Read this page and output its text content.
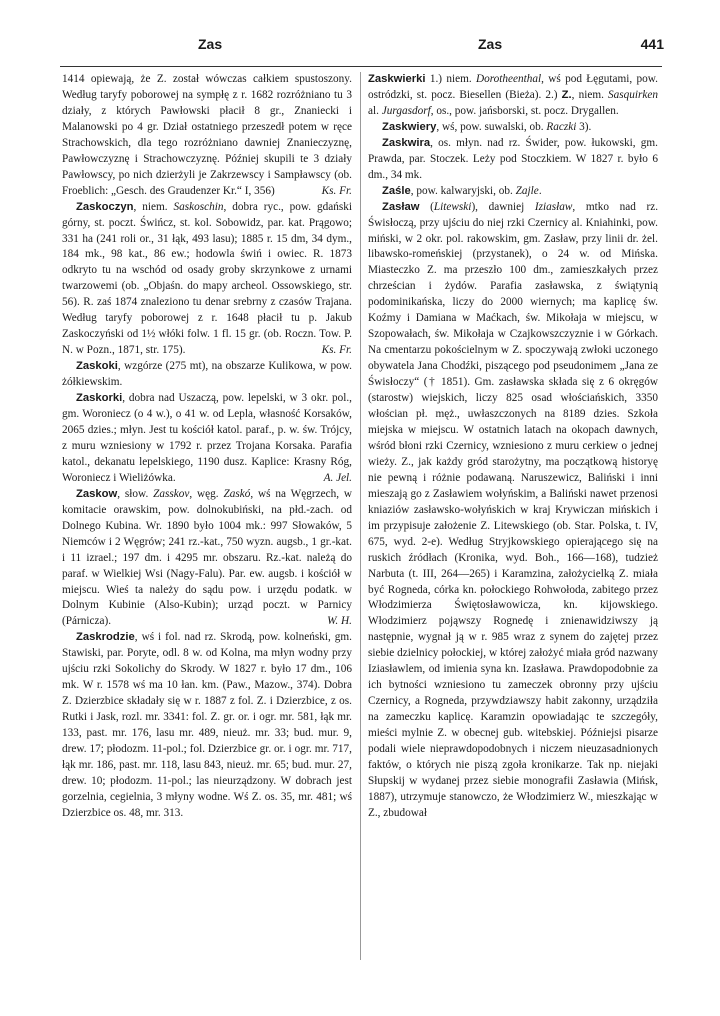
Zas	Zas	441

1414 opiewają, że Z. został wówczas całkiem spustoszony. Według taryfy poborowej na sympłę z r. 1682 rozróżniano tu 3 działy, z których Pawłowski płacił 8 gr., Znaniecki i Malanowski po 4 gr. Dział ostatniego przeszedł potem w ręce Strachowskich, dla tego rozróżniano dawniej Znanieczyznę, Pawłowczyznę i Strachowczyznę. Później skupili te 3 działy Pawłowscy, po nich dzierżyli je Zakrzewscy i Sampławscy (ob. Froeblich: „Gesch. des Graudenzer Kr.“ I, 356)	Ks. Fr.

Zaskoczyn, niem. Saskoschin, dobra ryc., pow. gdański górny, st. poczt. Świńcz, st. kol. Sobowidz, par. kat. Prągowo; 331 ha (241 roli or., 31 łąk, 493 lasu); 1885 r. 15 dm, 34 dym., 184 mk., 98 kat., 86 ew.; hodowla świń i owiec. R. 1873 odkryto tu na wschód od osady groby skrzynkowe z urnami twarzowemi (ob. „Objaśn. do mapy archeol. Ossowskiego, str. 56). R. zaś 1874 znaleziono tu denar srebrny z czasów Trajana. Według taryfy poborowej z r. 1648 płacił tu p. Jakub Zaskoczyński od 1½ włóki folw. 1 fl. 15 gr. (ob. Roczn. Tow. P. N. w Pozn., 1871, str. 175).	Ks. Fr.

Zaskoki, wzgórze (275 mt), na obszarze Kulikowa, w pow. żółkiewskim.

Zaskorki, dobra nad Uszaczą, pow. lepelski, w 3 okr. pol., gm. Woroniecz (o 4 w.), o 41 w. od Lepla, własność Korsaków, 2065 dzies.; młyn. Jest tu kościół katol. paraf., p. w. św. Trójcy, z muru wzniesiony w 1792 r. przez Trojana Korsaka. Parafia katol., dekanatu lepelskiego, 1190 dusz. Kaplice: Krasny Róg, Woroniecz i Wieliżówka.	A. Jel.

Zaskow, słow. Zasskov, węg. Zaskó, wś na Węgrzech, w komitacie orawskim, pow. dolnokubiński, na płd.-zach. od Dolnego Kubina. Wr. 1890 było 1004 mk.: 997 Słowaków, 5 Niemców i 2 Węgrów; 241 rz.-kat., 750 wyzn. augsb., 1 gr.-kat. i 11 izrael.; 197 dm. i 4295 mr. obszaru. Rz.-kat. należą do paraf. w Wielkiej Wsi (Nagy-Falu). Par. ew. augsb. i kościół w miejscu. Wieś ta należy do sądu pow. i urzędu podatk. w Dolnym Kubinie (Also-Kubin); urząd poczt. w Parnicy (Párnicza).	W. H.

Zaskrodzie, wś i fol. nad rz. Skrodą, pow. kolneński, gm. Stawiski, par. Poryte, odl. 8 w. od Kolna, ma młyn wodny przy ujściu rzki Sokolichy do Skrody. W 1827 r. było 17 dm., 106 mk. W r. 1578 wś ma 10 łan. km. (Paw., Mazow., 374). Dobra Z. Dzierzbice składały się w r. 1887 z fol. Z. i Dzierzbice, z os. Rutki i Jask, rozl. mr. 3341: fol. Z. gr. or. i ogr. mr. 581, łąk mr. 133, past. mr. 176, lasu mr. 489, nieuż. mr. 33; bud. mur. 9, drew. 17; płodozm. 11-pol.; fol. Dzierzbice gr. or. i ogr. mr. 717, łąk mr. 186, past. mr. 118, lasu 843, nieuż. mr. 65; bud. mur. 27, drew. 10; płodozm. 11-pol.; las nieurządzony. W dobrach jest gorzelnia, cegielnia, 3 młyny wodne. Wś Z. os. 35, mr. 481; wś Dzierzbice os. 48, mr. 313.

Zaskwierki 1.) niem. Dorotheenthal, wś pod Łęgutami, pow. ostródzki, st. pocz. Biesellen (Bieża). 2.) Z., niem. Sasquirken al. Jurgasdorf, os., pow. jańsborski, st. pocz. Drygallen.

Zaskwiery, wś, pow. suwalski, ob. Raczki 3).

Zaskwira, os. młyn. nad rz. Świder, pow. łukowski, gm. Prawda, par. Stoczek. Leży pod Stoczkiem. W 1827 r. było 6 dm., 34 mk.

Zaśle, pow. kalwaryjski, ob. Zajle.

Zasław (Litewski), dawniej Iziasław, mtko nad rz. Świsłoczą, przy ujściu do niej rzki Czernicy al. Kniahinki, pow. miński, w 2 okr. pol. rakowskim, gm. Zasław, przy linii dr. żel. libawsko-romeńskiej (przystanek), o 24 w. od Mińska. Miasteczko Z. ma przeszło 100 dm., zamieszkałych przez chrześcian i żydów. Parafia zasławska, z świątynią podominikańska, liczy do 2000 wiernych; ma kaplicę św. Koźmy i Damiana w Maćkach, św. Mikołaja w miejscu, w Szopowałach, św. Mikołaja w Czajkowszczyznie i w Górkach. Na cmentarzu pokościelnym w Z. spoczywają zwłoki uczonego obywatela Jana Chodźki, piszącego pod pseudonimem „Jana ze Świsłoczy“ († 1851). Gm. zasławska składa się z 6 okręgów (starostw) wiejskich, liczy 825 osad włościańskich, 3350 włościan pł. męż., uwłaszczonych na 8189 dzies. Szkoła miejska w miejscu. W ostatnich latach na okopach dawnych, wśród błoni rzki Czernicy, wzniesiono z muru cerkiew o jednej wieży. Z., jak każdy gród starożytny, ma początkową historyę nie pewną i różnie podawaną. Naruszewicz, Baliński i inni mieszają go z Zasławiem wołyńskim, a Baliński nawet przenosi kniaziów zasławsko-wołyńskich w kraj Krywiczan mińskich i im przypisuje założenie Z. Litewskiego (ob. Star. Polska, t. IV, 675, wyd. 2-e). Według Stryjkowskiego opierającego się na ruskich źródłach (Kronika, wyd. Boh., 166—168), tudzież Narbuta (t. III, 264—265) i Karamzina, założycielką Z. miała być Rogneda, córka kn. połockiego Rohwołoda, zabitego przez Włodzimierza Świętosławowicza, kn. kijowskiego. Włodzimierz pojąwszy Rognedę i znienawidziwszy ją następnie, wygnał ją w r. 985 wraz z synem do zajętej przez siebie dzielnicy połockiej, w której założyć miała gród nazwany Iziasławlem, od imienia syna kn. Izasława. Prawdopodobnie za ich bytności wzniesiono tu zameczek obronny przy ujściu Czernicy, a Rogneda, przywdziawszy habit zakonny, urządziła na zameczku kaplicę. Karamzin opowiadając te szczegóły, mieści mylnie Z. w obecnej gub. witebskiej. Późniejsi pisarze podali wiele nieprawdopodobnych i niczem nieuzasadnionych faktów, o których nie piszą zgoła kronikarze. Tak np. niejaki Słupskij w wydanej przez siebie monografii Zasławia (Mińsk, 1887), utrzymuje stanowczo, że Włodzimierz W., mieszkając w Z., zbudował
